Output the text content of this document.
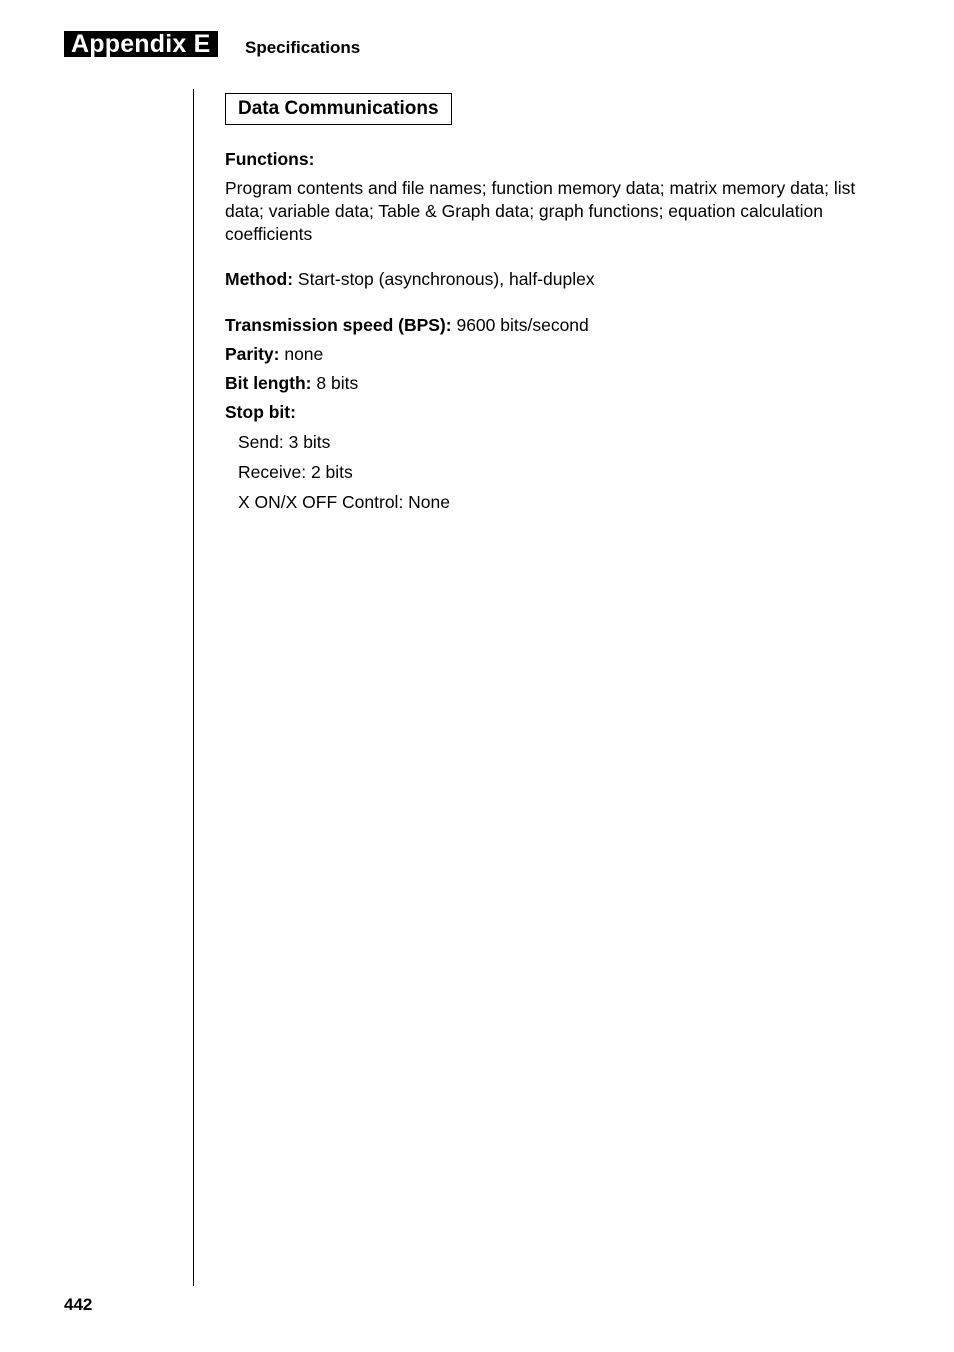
Appendix E	Specifications
Data Communications
Functions:
Program contents and file names; function memory data; matrix memory data; list data; variable data; Table & Graph data; graph functions; equation calculation coefficients
Method: Start-stop (asynchronous), half-duplex
Transmission speed (BPS): 9600 bits/second
Parity: none
Bit length: 8 bits
Stop bit:
Send: 3 bits
Receive: 2 bits
X ON/X OFF Control: None
442
